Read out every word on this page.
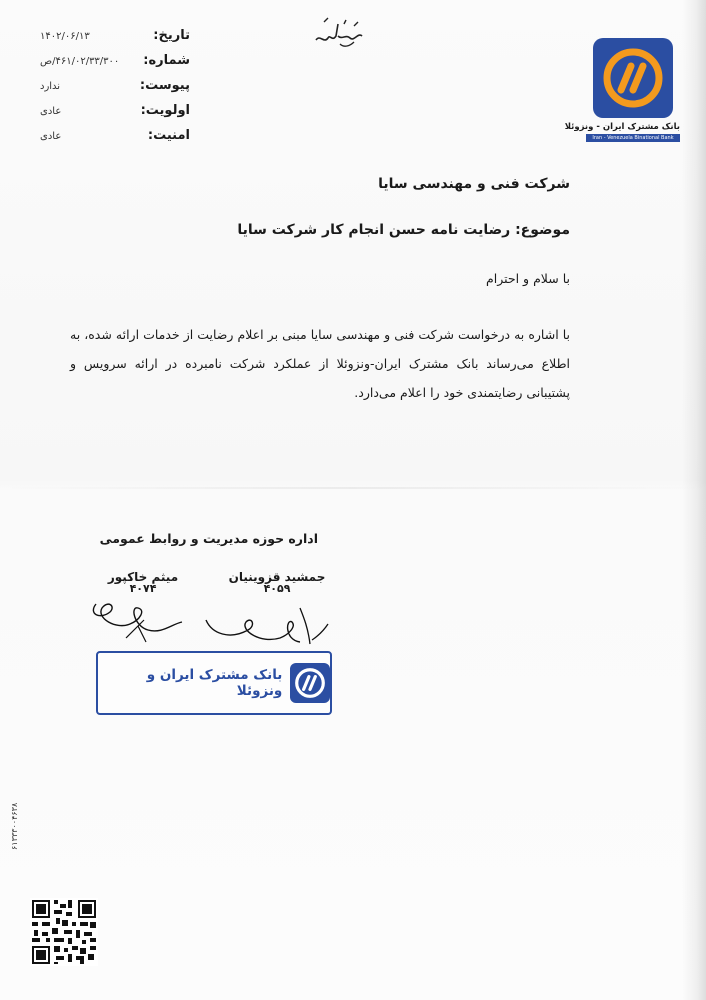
تاریخ:
۱۴۰۲/۰۶/۱۳
شماره:
۴۶۱/۰۲/۳۳/۳۰۰/ص
پیوست:
ندارد
اولویت:
عادی
امنیت:
عادی
بانک مشترک ایران - ونزوئلا
Iran - Venezuela Binational Bank
شرکت فنی و مهندسی سایا
موضوع: رضایت نامه حسن انجام کار شرکت سایا
با سلام و احترام
با اشاره به درخواست شرکت فنی و مهندسی سایا مبنی بر اعلام رضایت از خدمات ارائه شده، به اطلاع می‌رساند بانک مشترک ایران-ونزوئلا از عملکرد شرکت نامبرده در ارائه سرویس و پشتیبانی رضایتمندی خود را اعلام می‌دارد.
اداره حوزه مدیریت و روابط عمومی
میثم خاکپور
۴۰۷۴
جمشید قزوینیان
۴۰۵۹
بانک مشترک ایران و ونزوئلا
۶۱۳۳۳۰۰۴۶۳۸
